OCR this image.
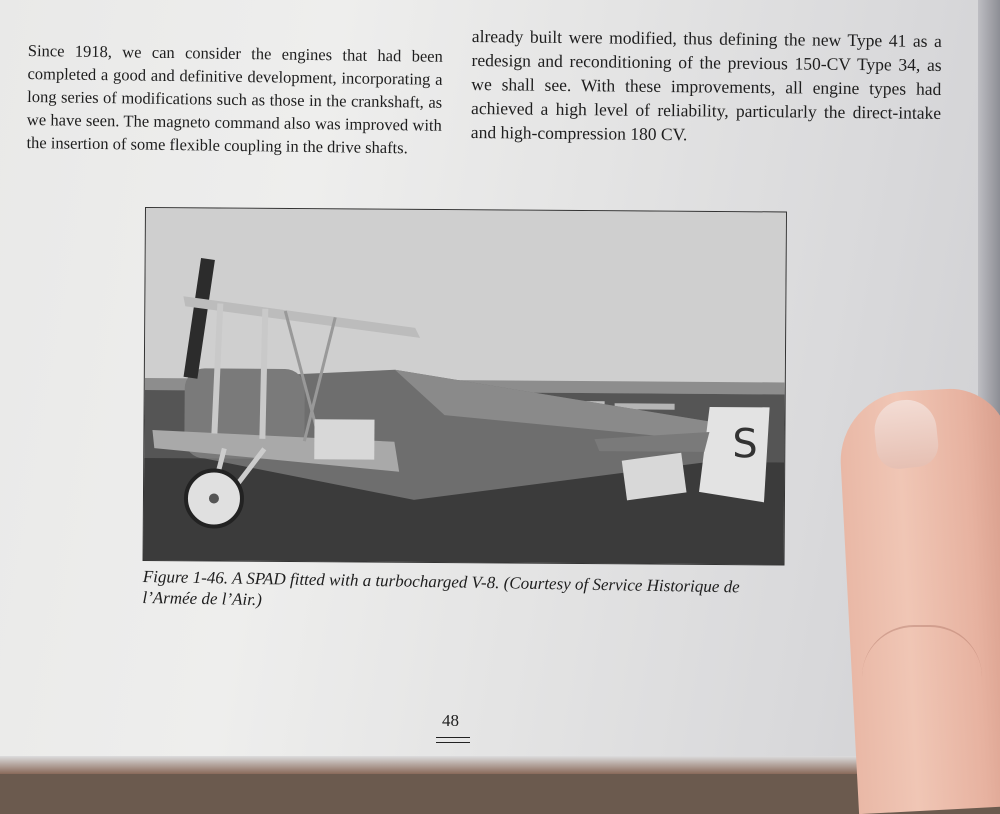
Since 1918, we can consider the engines that had been completed a good and definitive development, incorporating a long series of modifications such as those in the crankshaft, as we have seen. The magneto command also was improved with the insertion of some flexible coupling in the drive shafts.

already built were modified, thus defining the new Type 41 as a redesign and reconditioning of the previous 150-CV Type 34, as we shall see. With these improvements, all engine types had achieved a high level of reliability, particularly the direct-intake and high-compression 180 CV.

S

Figure 1-46. A SPAD fitted with a turbocharged V-8. (Courtesy of Service Historique de l’Armée de l’Air.)

48
